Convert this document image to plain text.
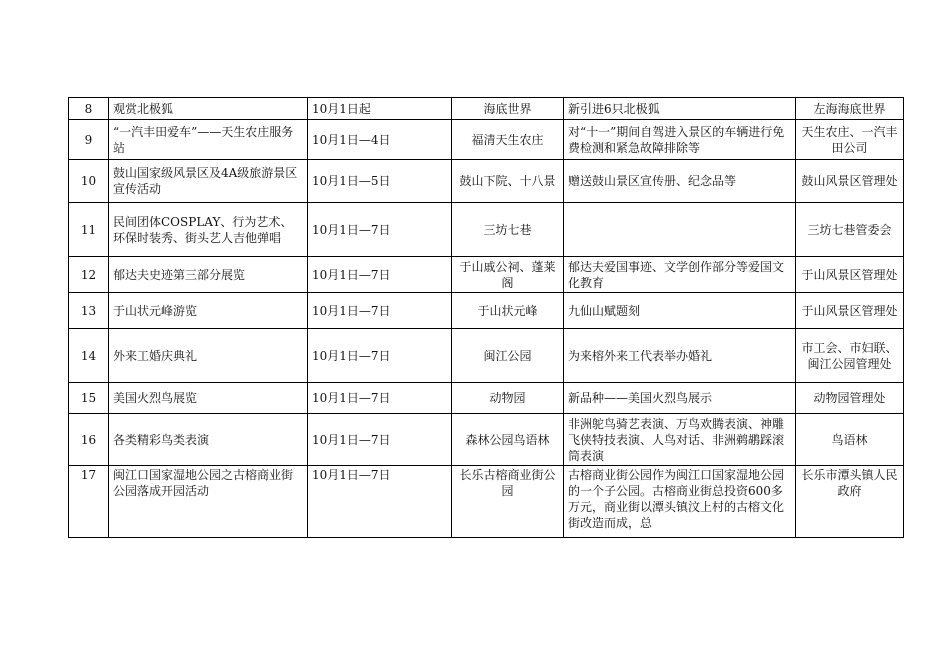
8	观赏北极狐	10月1日起	海底世界	新引进6只北极狐	左海海底世界
9	“一汽丰田爱车”——天生农庄服务站	10月1日—4日	福清天生农庄	对“十一”期间自驾进入景区的车辆进行免费检测和紧急故障排除等	天生农庄、一汽丰田公司
10	鼓山国家级风景区及4A级旅游景区宣传活动	10月1日—5日	鼓山下院、十八景	赠送鼓山景区宣传册、纪念品等	鼓山风景区管理处
11	民间团体COSPLAY、行为艺术、环保时装秀、街头艺人吉他弹唱	10月1日—7日	三坊七巷		三坊七巷管委会
12	郁达夫史迹第三部分展览	10月1日—7日	于山戚公祠、蓬莱阁	郁达夫爱国事迹、文学创作部分等爱国文化教育	于山风景区管理处
13	于山状元峰游览	10月1日—7日	于山状元峰	九仙山赋题刻	于山风景区管理处
14	外来工婚庆典礼	10月1日—7日	闽江公园	为来榕外来工代表举办婚礼	市工会、市妇联、闽江公园管理处
15	美国火烈鸟展览	10月1日—7日	动物园	新品种——美国火烈鸟展示	动物园管理处
16	各类精彩鸟类表演	10月1日—7日	森林公园鸟语林	非洲鸵鸟骑艺表演、万鸟欢腾表演、神雕飞侠特技表演、人鸟对话、非洲鹈鹕踩滚筒表演	鸟语林
17	闽江口国家湿地公园之古榕商业街公园落成开园活动	10月1日—7日	长乐古榕商业街公园	古榕商业街公园作为闽江口国家湿地公园的一个子公园。古榕商业街总投资600多万元，商业街以潭头镇汶上村的古榕文化街改造而成，总	长乐市潭头镇人民政府
